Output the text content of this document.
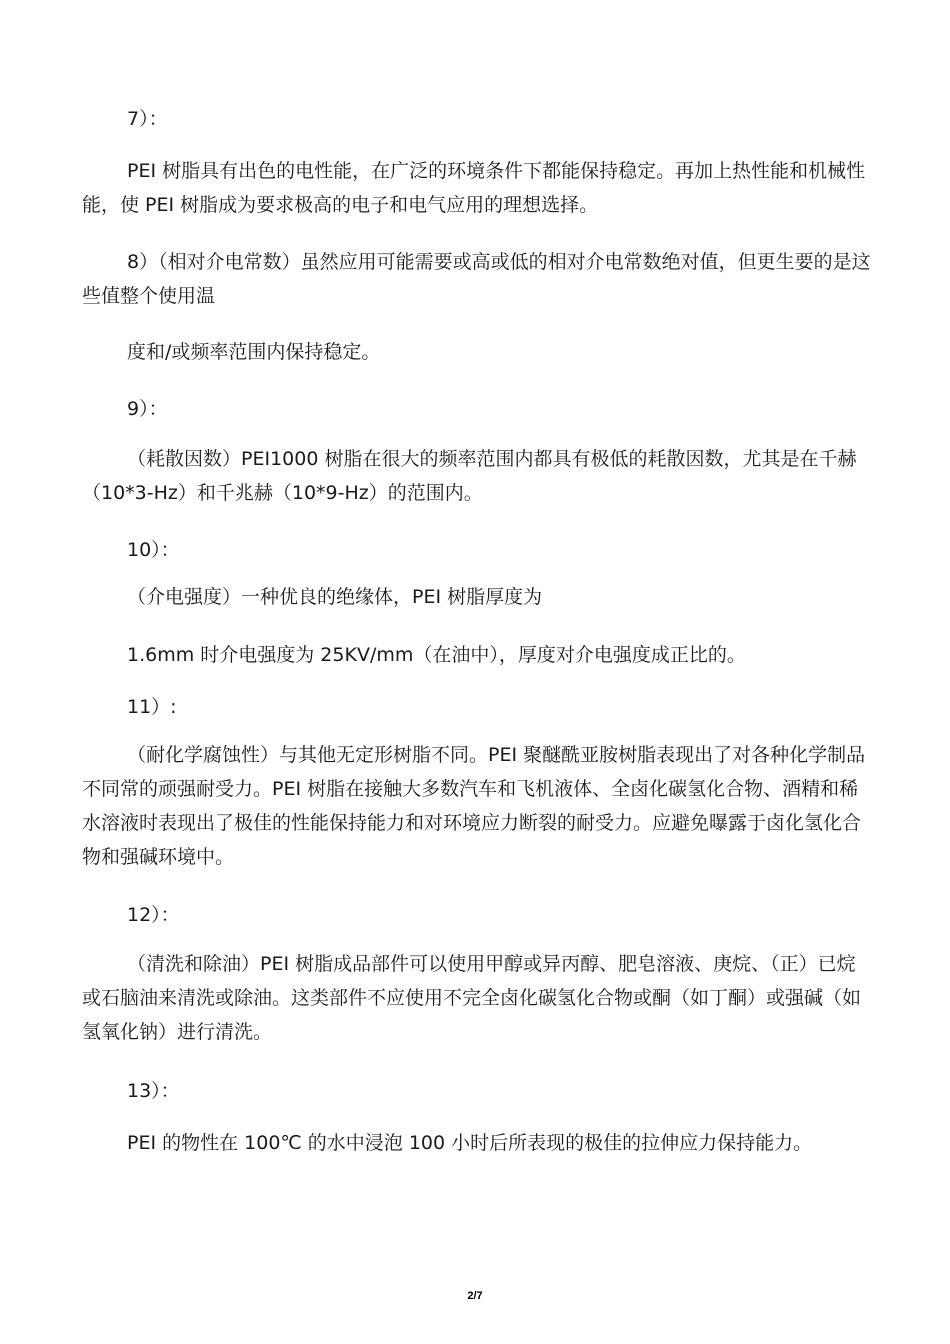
7）：

PEI 树脂具有出色的电性能，在广泛的环境条件下都能保持稳定。再加上热性能和机械性能，使 PEI 树脂成为要求极高的电子和电气应用的理想选择。

8）（相对介电常数）虽然应用可能需要或高或低的相对介电常数绝对值，但更生要的是这些值整个使用温

度和/或频率范围内保持稳定。

9）：

（耗散因数）PEI1000 树脂在很大的频率范围内都具有极低的耗散因数，尤其是在千赫（10*3-Hz）和千兆赫（10*9-Hz）的范围内。

10）：

（介电强度）一种优良的绝缘体，PEI 树脂厚度为

1.6mm 时介电强度为 25KV/mm（在油中），厚度对介电强度成正比的。

11）:

（耐化学腐蚀性）与其他无定形树脂不同。PEI 聚醚酰亚胺树脂表现出了对各种化学制品不同常的顽强耐受力。PEI 树脂在接触大多数汽车和飞机液体、全卤化碳氢化合物、酒精和稀水溶液时表现出了极佳的性能保持能力和对环境应力断裂的耐受力。应避免曝露于卤化氢化合物和强碱环境中。

12）：

（清洗和除油）PEI 树脂成品部件可以使用甲醇或异丙醇、肥皂溶液、庚烷、（正）已烷或石脑油来清洗或除油。这类部件不应使用不完全卤化碳氢化合物或酮（如丁酮）或强碱（如氢氧化钠）进行清洗。

13）：

PEI 的物性在 100℃ 的水中浸泡 100 小时后所表现的极佳的拉伸应力保持能力。

2/7
